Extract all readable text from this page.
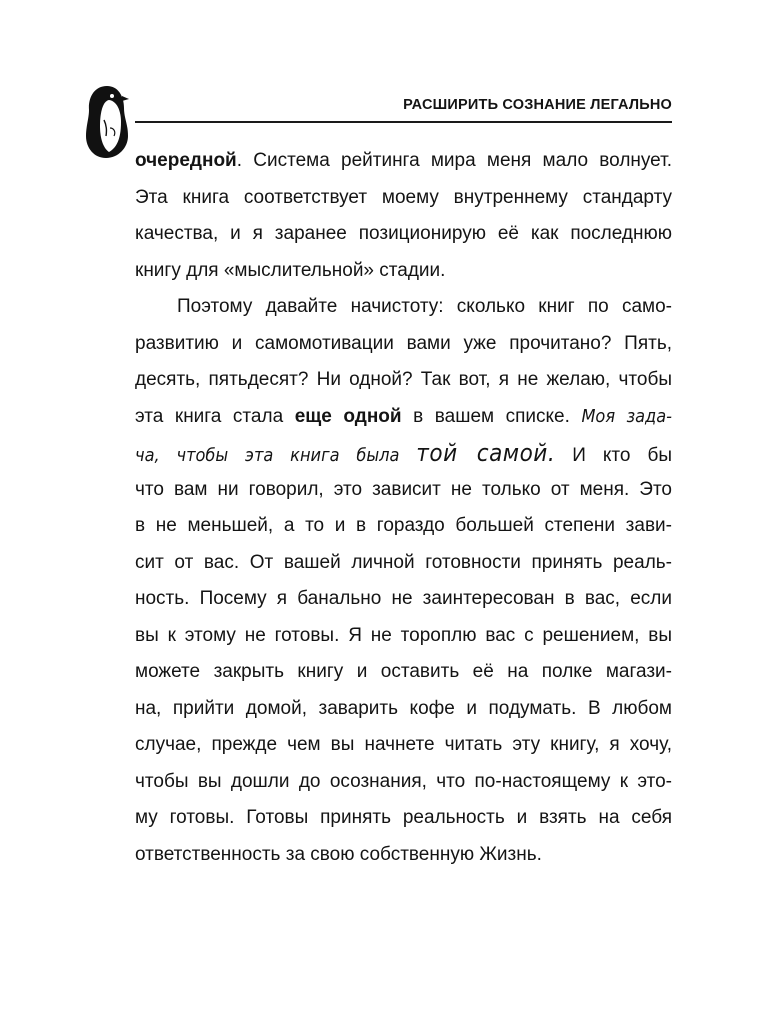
РАСШИРИТЬ СОЗНАНИЕ ЛЕГАЛЬНО
очередной. Система рейтинга мира меня мало волнует.
Эта книга соответствует моему внутреннему стандарту
качества, и я заранее позиционирую её как последнюю
книгу для «мыслительной» стадии.
Поэтому давайте начистоту: сколько книг по само-
развитию и самомотивации вами уже прочитано? Пять,
десять, пятьдесят? Ни одной? Так вот, я не желаю, чтобы
эта книга стала еще одной в вашем списке. Моя зада-
ча, чтобы эта книга была той самой. И кто бы
что вам ни говорил, это зависит не только от меня. Это
в не меньшей, а то и в гораздо большей степени зави-
сит от вас. От вашей личной готовности принять реаль-
ность. Посему я банально не заинтересован в вас, если
вы к этому не готовы. Я не тороплю вас с решением, вы
можете закрыть книгу и оставить её на полке магази-
на, прийти домой, заварить кофе и подумать. В любом
случае, прежде чем вы начнете читать эту книгу, я хочу,
чтобы вы дошли до осознания, что по-настоящему к это-
му готовы. Готовы принять реальность и взять на себя
ответственность за свою собственную Жизнь.
